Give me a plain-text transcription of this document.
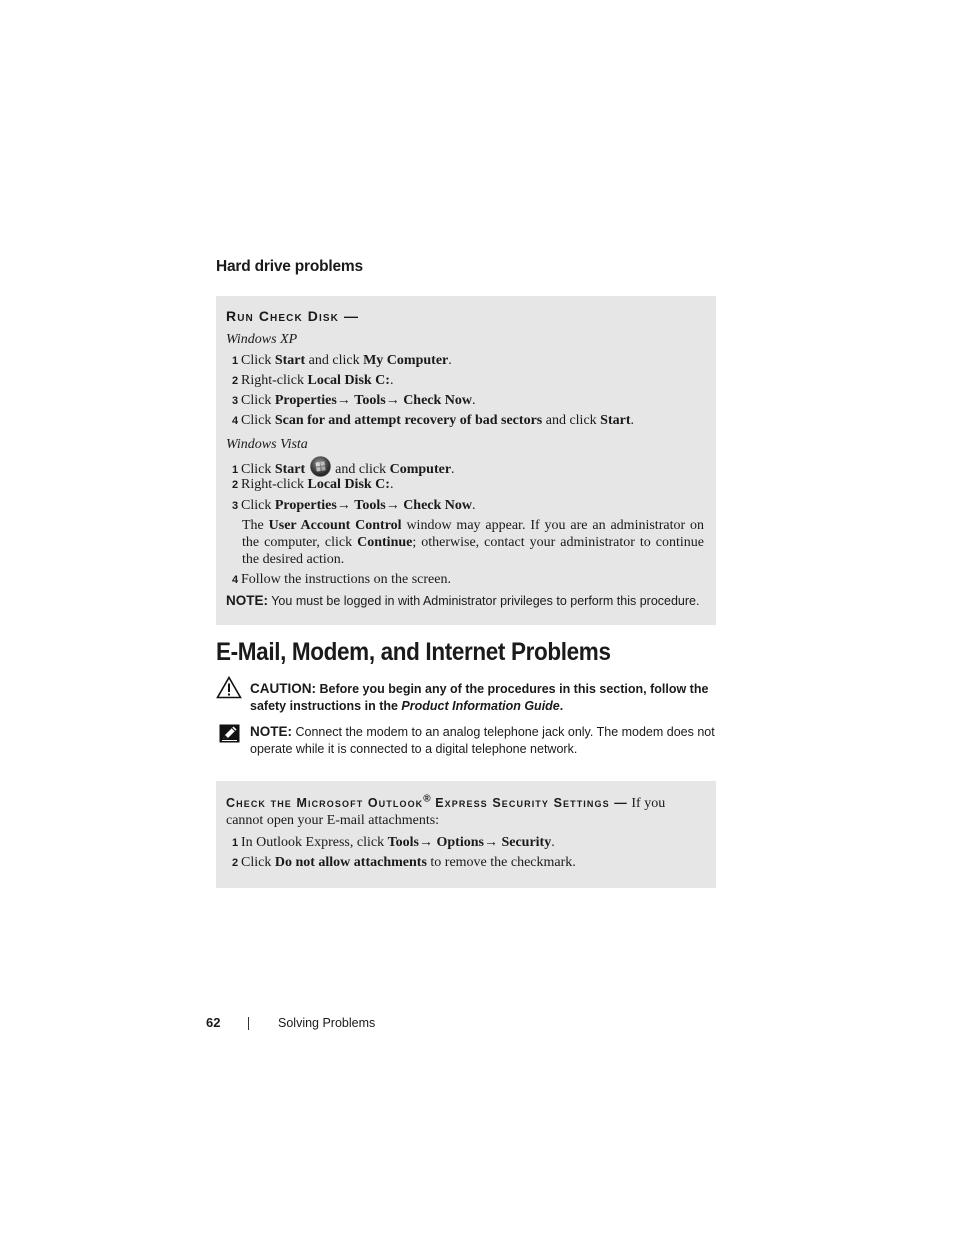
Hard drive problems
Run Check Disk —
Windows XP
1 Click Start and click My Computer.
2 Right-click Local Disk C:.
3 Click Properties→ Tools→ Check Now.
4 Click Scan for and attempt recovery of bad sectors and click Start.
Windows Vista
1 Click Start  and click Computer.
2 Right-click Local Disk C:.
3 Click Properties→ Tools→ Check Now.
The User Account Control window may appear. If you are an administrator on the computer, click Continue; otherwise, contact your administrator to continue the desired action.
4 Follow the instructions on the screen.
NOTE: You must be logged in with Administrator privileges to perform this procedure.
E-Mail, Modem, and Internet Problems
CAUTION: Before you begin any of the procedures in this section, follow the safety instructions in the Product Information Guide.
NOTE: Connect the modem to an analog telephone jack only. The modem does not operate while it is connected to a digital telephone network.
Check the Microsoft Outlook® Express Security Settings — If you cannot open your E-mail attachments:
1 In Outlook Express, click Tools→ Options→ Security.
2 Click Do not allow attachments to remove the checkmark.
62	Solving Problems
